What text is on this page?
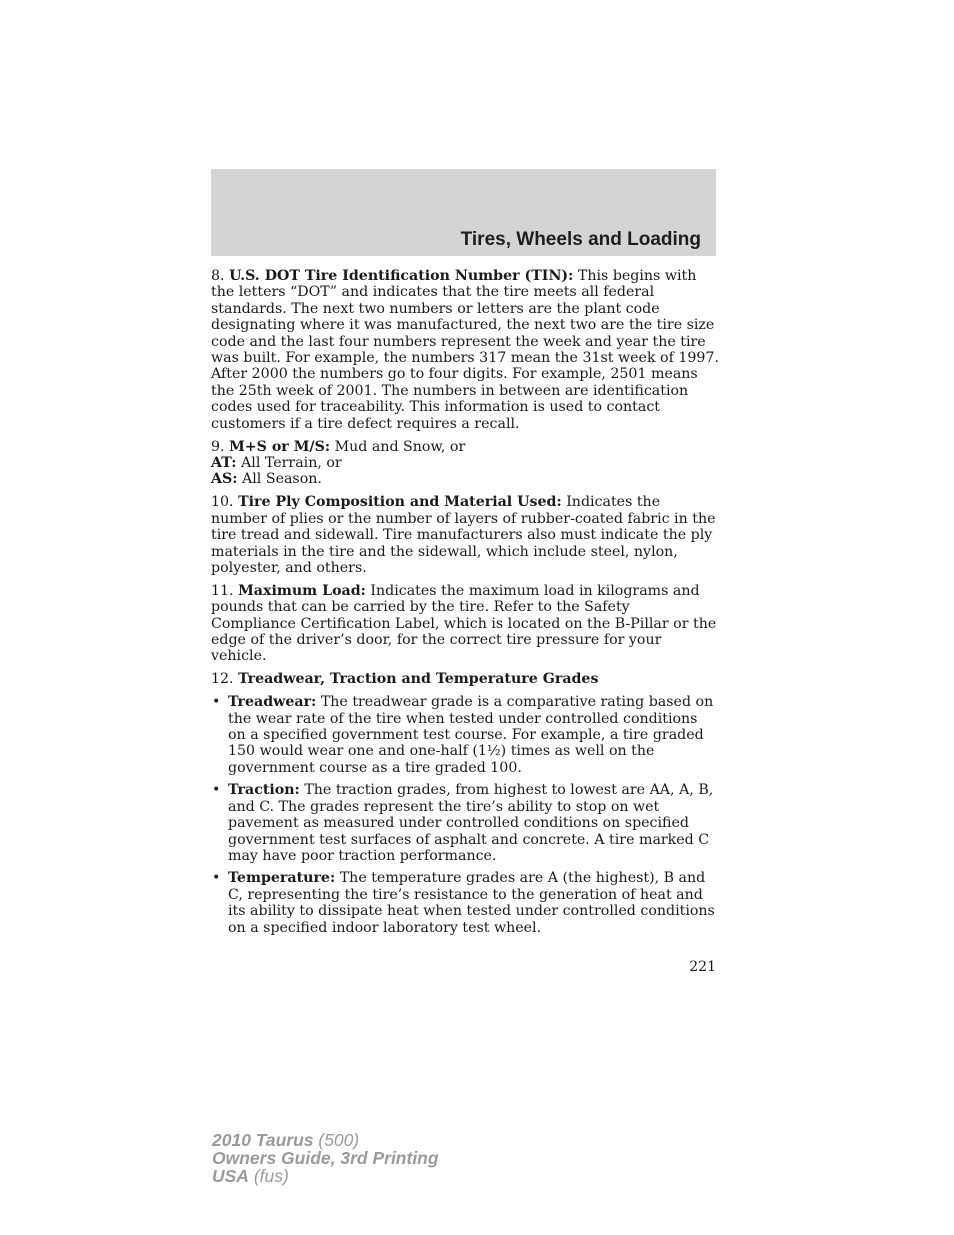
Tires, Wheels and Loading

8. U.S. DOT Tire Identification Number (TIN): This begins with the letters “DOT” and indicates that the tire meets all federal standards. The next two numbers or letters are the plant code designating where it was manufactured, the next two are the tire size code and the last four numbers represent the week and year the tire was built. For example, the numbers 317 mean the 31st week of 1997. After 2000 the numbers go to four digits. For example, 2501 means the 25th week of 2001. The numbers in between are identification codes used for traceability. This information is used to contact customers if a tire defect requires a recall.

9. M+S or M/S: Mud and Snow, or
AT: All Terrain, or
AS: All Season.

10. Tire Ply Composition and Material Used: Indicates the number of plies or the number of layers of rubber-coated fabric in the tire tread and sidewall. Tire manufacturers also must indicate the ply materials in the tire and the sidewall, which include steel, nylon, polyester, and others.

11. Maximum Load: Indicates the maximum load in kilograms and pounds that can be carried by the tire. Refer to the Safety Compliance Certification Label, which is located on the B-Pillar or the edge of the driver’s door, for the correct tire pressure for your vehicle.

12. Treadwear, Traction and Temperature Grades

• Treadwear: The treadwear grade is a comparative rating based on the wear rate of the tire when tested under controlled conditions on a specified government test course. For example, a tire graded 150 would wear one and one-half (1½) times as well on the government course as a tire graded 100.
• Traction: The traction grades, from highest to lowest are AA, A, B, and C. The grades represent the tire’s ability to stop on wet pavement as measured under controlled conditions on specified government test surfaces of asphalt and concrete. A tire marked C may have poor traction performance.
• Temperature: The temperature grades are A (the highest), B and C, representing the tire’s resistance to the generation of heat and its ability to dissipate heat when tested under controlled conditions on a specified indoor laboratory test wheel.
221
2010 Taurus (500)
Owners Guide, 3rd Printing
USA (fus)
